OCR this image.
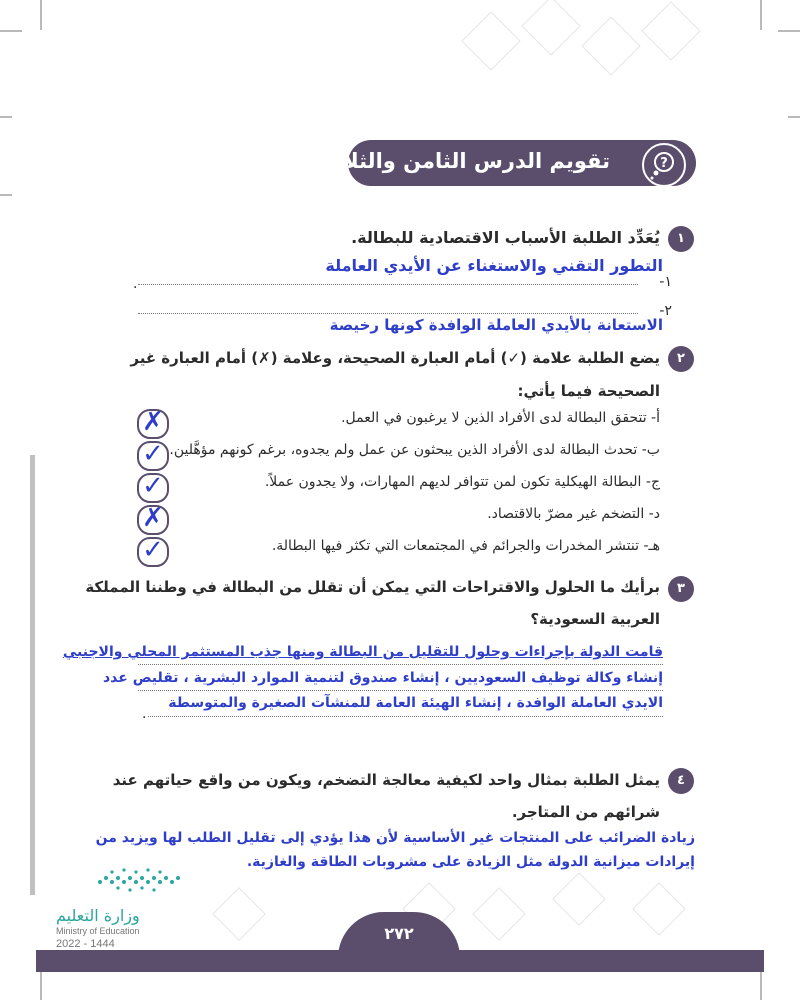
تقويم الدرس الثامن والثلاثين	?
١
يُعَدِّد الطلبة الأسباب الاقتصادية للبطالة.
التطور التقني والاستغناء عن الأيدي العاملة
١-
.
الاستعانة بالأيدي العاملة الوافدة كونها رخيصة
٢-
٢
يضع الطلبة علامة (✓) أمام العبارة الصحيحة، وعلامة (✗) أمام العبارة غير
الصحيحة فيما يأتي:
أ- تتحقق البطالة لدى الأفراد الذين لا يرغبون في العمل.
✗
ب- تحدث البطالة لدى الأفراد الذين يبحثون عن عمل ولم يجدوه، برغم كونهم مؤهَّلين.
✓
ج- البطالة الهيكلية تكون لمن تتوافر لديهم المهارات، ولا يجدون عملاً.
✓
د- التضخم غير مضرّ بالاقتصاد.
✗
هـ- تنتشر المخدرات والجرائم في المجتمعات التي تكثر فيها البطالة.
✓
٣
برأيك ما الحلول والاقتراحات التي يمكن أن تقلل من البطالة في وطننا المملكة
العربية السعودية؟
قامت الدولة بإجراءات وحلول للتقليل من البطالة ومنها جذب المستثمر المحلي والاجنبي
إنشاء وكالة توظيف السعوديين ، إنشاء صندوق لتنمية الموارد البشرية ، تقليص عدد
الايدي العاملة الوافدة ، إنشاء الهيئة العامة للمنشآت الصغيرة والمتوسطة
.
٤
يمثل الطلبة بمثال واحد لكيفية معالجة التضخم، ويكون من واقع حياتهم عند
شرائهم من المتاجر.
زيادة الضرائب على المنتجات غير الأساسية لأن هذا يؤدي إلى تقليل الطلب لها ويزيد من
إيرادات ميزانية الدولة مثل الزيادة على مشروبات الطاقة والغازية.
وزارة التعليم
Ministry of Education
2022 - 1444
٢٧٢
